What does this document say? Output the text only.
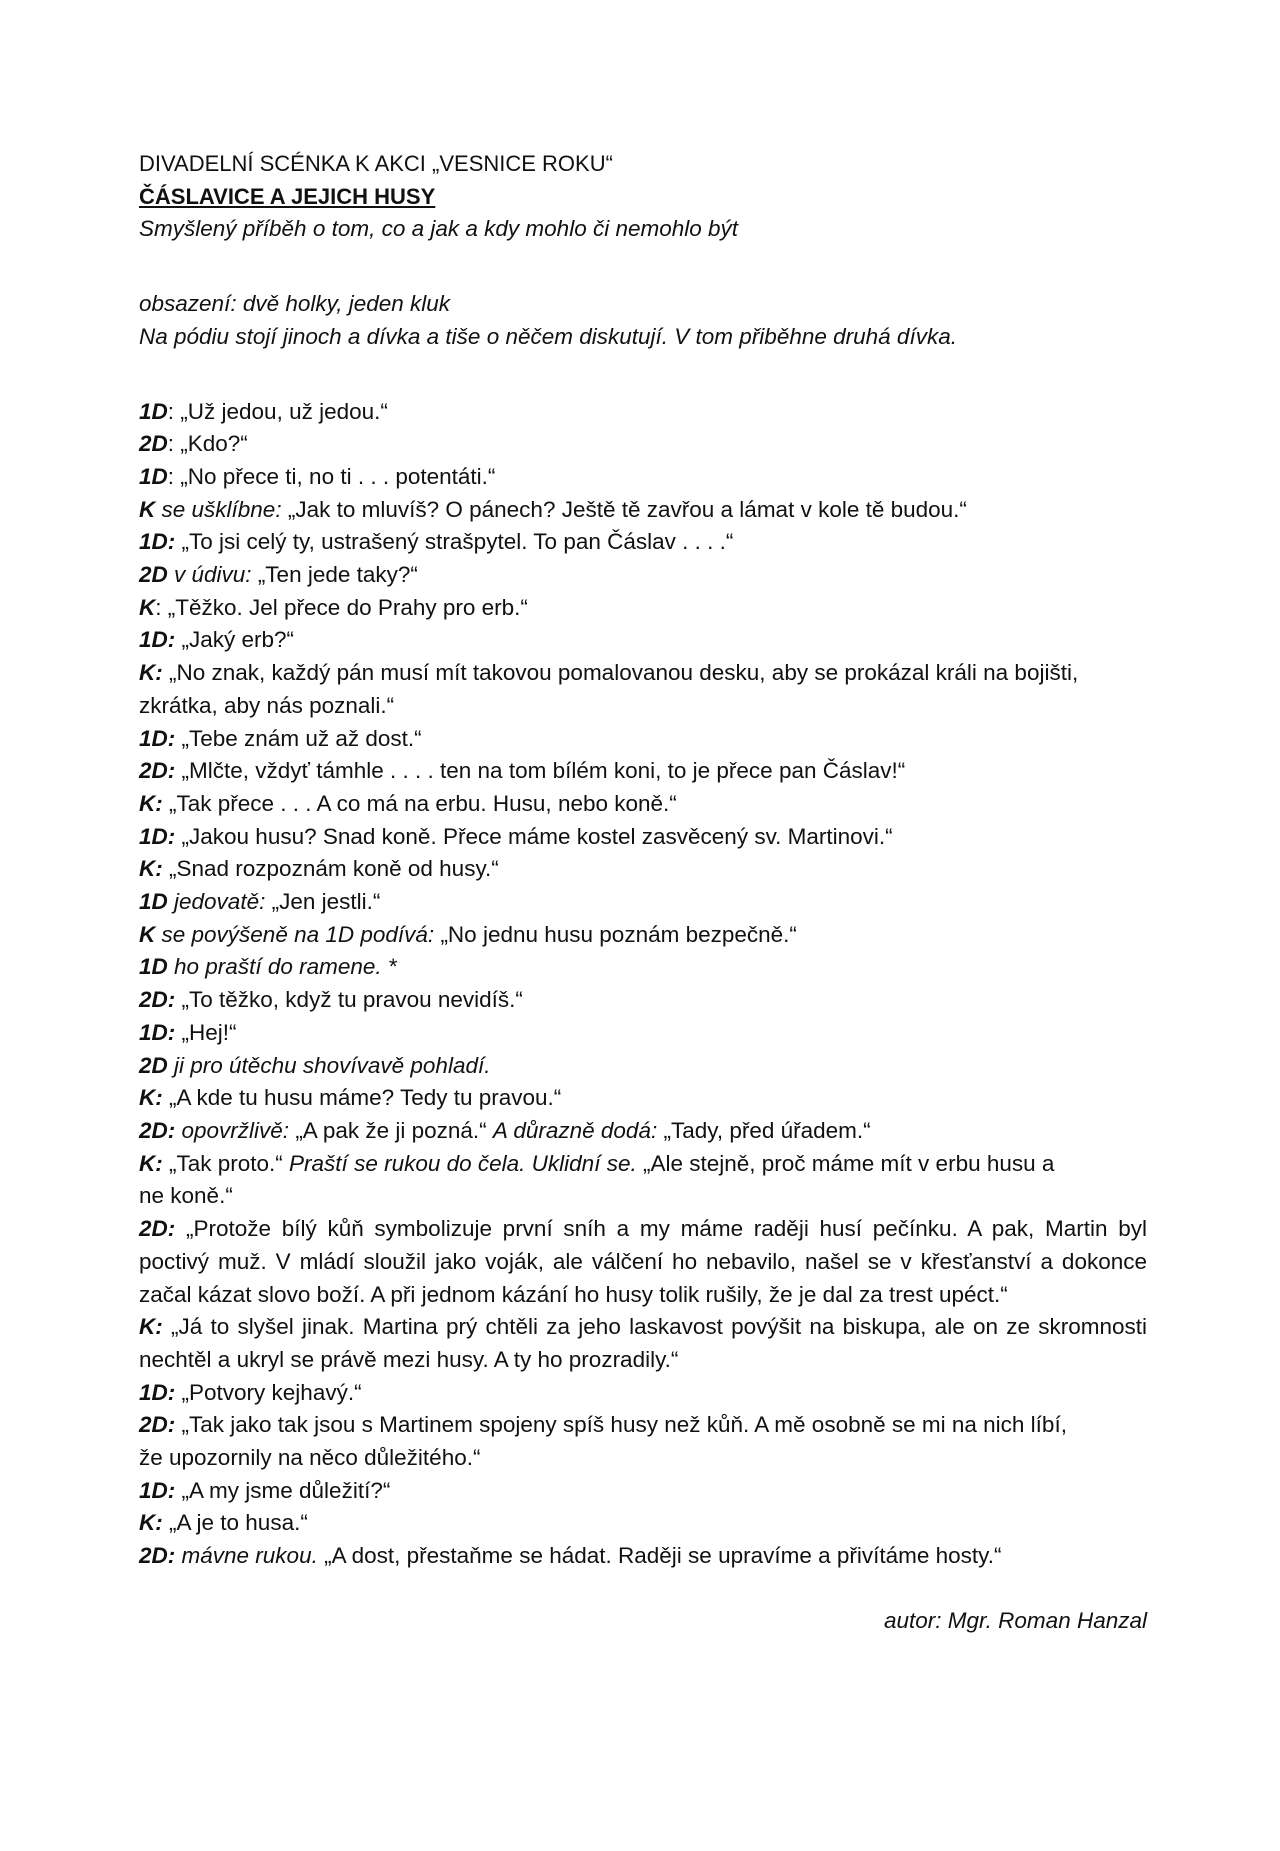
DIVADELNÍ SCÉNKA K AKCI „VESNICE ROKU“
ČÁSLAVICE A JEJICH HUSY
Smyšlený příběh o tom, co a jak a kdy mohlo či nemohlo být
obsazení: dvě holky, jeden kluk
Na pódiu stojí jinoch a dívka a tiše o něčem diskutují. V tom přiběhne druhá dívka.

1D: „Už jedou, už jedou.“

2D: „Kdo?“

1D: „No přece ti, no ti . . . potentáti.“

K se ušklíbne: „Jak to mluvíš? O pánech? Ještě tě zavřou a lámat v kole tě budou.“

1D: „To jsi celý ty, ustrašený strašpytel. To pan Čáslav . . . .“

2D v údivu: „Ten jede taky?“

K: „Těžko. Jel přece do Prahy pro erb.“

1D: „Jaký erb?“

K: „No znak, každý pán musí mít takovou pomalovanou desku, aby se prokázal králi na bojišti,

zkrátka, aby nás poznali.“

1D: „Tebe znám už až dost.“

2D: „Mlčte, vždyť támhle . . . . ten na tom bílém koni, to je přece pan Čáslav!“

K: „Tak přece . . . A co má na erbu. Husu, nebo koně.“

1D: „Jakou husu? Snad koně. Přece máme kostel zasvěcený sv. Martinovi.“

K: „Snad rozpoznám koně od husy.“

1D jedovatě: „Jen jestli.“

K se povýšeně na 1D podívá: „No jednu husu poznám bezpečně.“

1D ho praští do ramene. *

2D: „To těžko, když tu pravou nevidíš.“

1D: „Hej!“

2D ji pro útěchu shovívavě pohladí.

K: „A kde tu husu máme? Tedy tu pravou.“

2D: opovržlivě: „A pak že ji pozná.“ A důrazně dodá: „Tady, před úřadem.“

K: „Tak proto.“ Praští se rukou do čela. Uklidní se. „Ale stejně, proč máme mít v erbu husu a

ne koně.“

2D: „Protože bílý kůň symbolizuje první sníh a my máme raději husí pečínku. A pak, Martin byl poctivý muž. V mládí sloužil jako voják, ale válčení ho nebavilo, našel se v křesťanství a dokonce začal kázat slovo boží. A při jednom kázání ho husy tolik rušily, že je dal za trest upéct.“

K: „Já to slyšel jinak. Martina prý chtěli za jeho laskavost povýšit na biskupa, ale on ze skromnosti nechtěl a ukryl se právě mezi husy. A ty ho prozradily.“

1D: „Potvory kejhavý.“

2D: „Tak jako tak jsou s Martinem spojeny spíš husy než kůň. A mě osobně se mi na nich líbí,

že upozornily na něco důležitého.“

1D: „A my jsme důležití?“

K: „A je to husa.“

2D: mávne rukou. „A dost, přestaňme se hádat. Raději se upravíme a přivítáme hosty.“

autor: Mgr. Roman Hanzal
